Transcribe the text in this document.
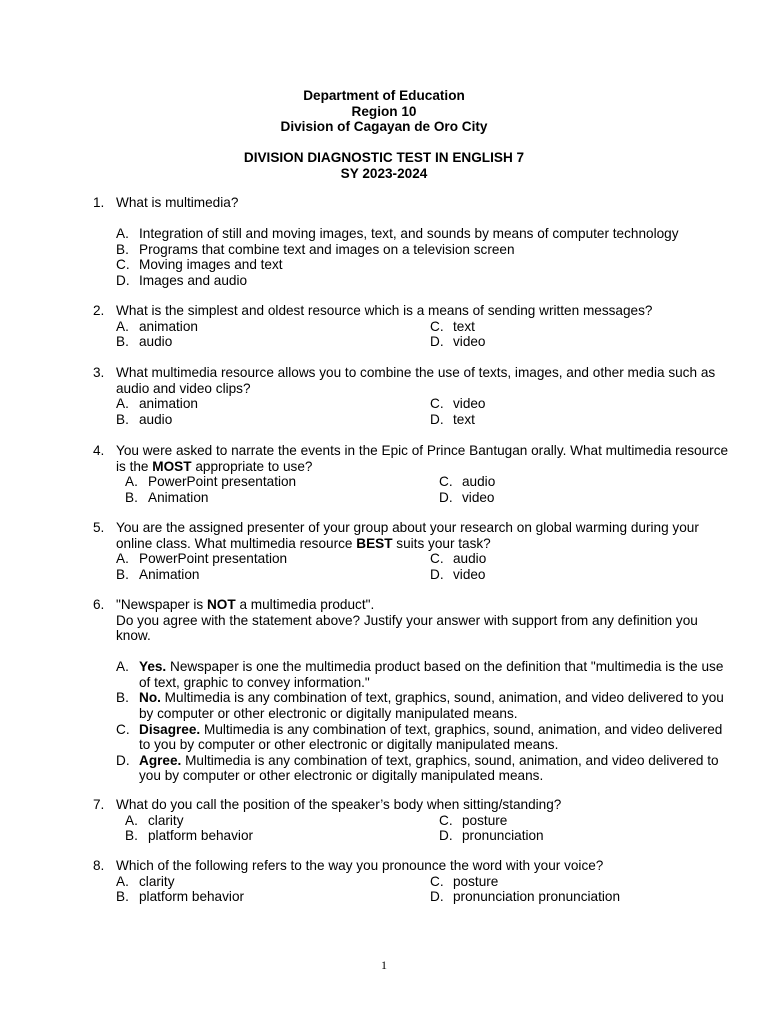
Department of Education
Region 10
Division of Cagayan de Oro City
DIVISION DIAGNOSTIC TEST IN ENGLISH 7
SY 2023-2024
1. What is multimedia?
A. Integration of still and moving images, text, and sounds by means of computer technology
B. Programs that combine text and images on a television screen
C. Moving images and text
D. Images and audio
2. What is the simplest and oldest resource which is a means of sending written messages?
A. animation
B. audio
C. text
D. video
3. What multimedia resource allows you to combine the use of texts, images, and other media such as audio and video clips?
A. animation
B. audio
C. video
D. text
4. You were asked to narrate the events in the Epic of Prince Bantugan orally. What multimedia resource is the MOST appropriate to use?
A. PowerPoint presentation
B. Animation
C. audio
D. video
5. You are the assigned presenter of your group about your research on global warming during your online class. What multimedia resource BEST suits your task?
A. PowerPoint presentation
B. Animation
C. audio
D. video
6. "Newspaper is NOT a multimedia product".
Do you agree with the statement above? Justify your answer with support from any definition you know.
A. Yes. Newspaper is one the multimedia product based on the definition that "multimedia is the use of text, graphic to convey information."
B. No. Multimedia is any combination of text, graphics, sound, animation, and video delivered to you by computer or other electronic or digitally manipulated means.
C. Disagree. Multimedia is any combination of text, graphics, sound, animation, and video delivered to you by computer or other electronic or digitally manipulated means.
D. Agree. Multimedia is any combination of text, graphics, sound, animation, and video delivered to you by computer or other electronic or digitally manipulated means.
7. What do you call the position of the speaker’s body when sitting/standing?
A. clarity
B. platform behavior
C. posture
D. pronunciation
8. Which of the following refers to the way you pronounce the word with your voice?
A. clarity
B. platform behavior
C. posture
D. pronunciation pronunciation
1
